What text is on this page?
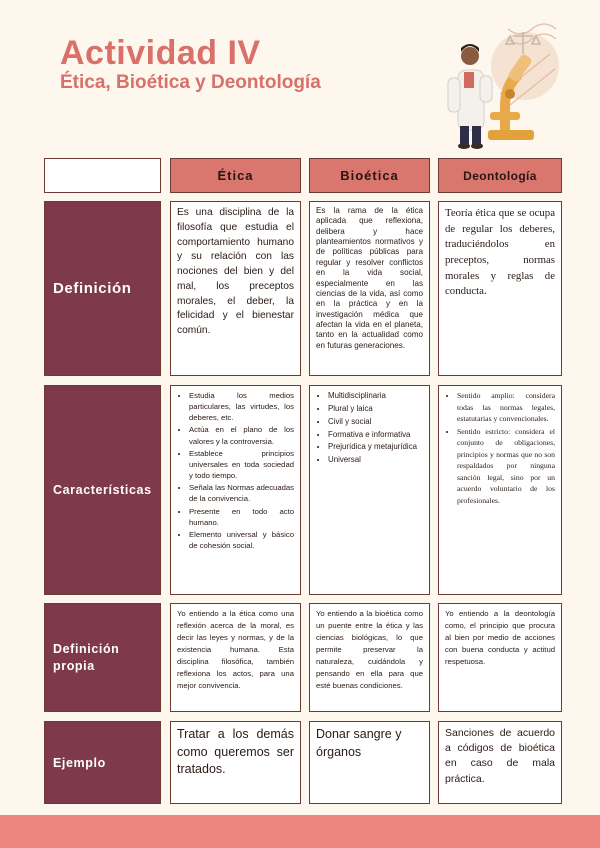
Actividad IV
Ética, Bioética y Deontología
Ética	Bioética	Deontología
Definición
Es una disciplina de la filosofía que estudia el comportamiento humano y su relación con las nociones del bien y del mal, los preceptos morales, el deber, la felicidad y el bienestar común.
Es la rama de la ética aplicada que reflexiona, delibera y hace planteamientos normativos y de políticas públicas para regular y resolver conflictos en la vida social, especialmente en las ciencias de la vida, así como en la práctica y en la investigación médica que afectan la vida en el planeta, tanto en la actualidad como en futuras generaciones.
Teoría ética que se ocupa de regular los deberes, traduciéndolos en preceptos, normas morales y reglas de conducta.
Características
• Estudia los medios particulares, las virtudes, los deberes, etc.
• Actúa en el plano de los valores y la controversia.
• Establece principios universales en toda sociedad y todo tiempo.
• Señala las Normas adecuadas de la convivencia.
• Presente en todo acto humano.
• Elemento universal y básico de cohesión social.
• Multidisciplinaria
• Plural y laica
• Civil y social
• Formativa e informativa
• Prejurídica y metajurídica
• Universal
• Sentido amplio: considera todas las normas legales, estatutarias y convencionales.
• Sentido estricto: considera el conjunto de obligaciones, principios y normas que no son respaldados por ninguna sanción legal, sino por un acuerdo voluntario de los profesionales.
Definición propia
Yo entiendo a la ética como una reflexión acerca de la moral, es decir las leyes y normas, y de la existencia humana. Esta disciplina filosófica, también reflexiona los actos, para una mejor convivencia.
Yo entiendo a la bioética como un puente entre la ética y las ciencias biológicas, lo que permite preservar la naturaleza, cuidándola y pensando en ella para que esté buenas condiciones.
Yo entiendo a la deontología como, el principio que procura al bien por medio de acciones con buena conducta y actitud respetuosa.
Ejemplo
Tratar a los demás como queremos ser tratados.
Donar sangre y órganos
Sanciones de acuerdo a códigos de bioética en caso de mala práctica.
